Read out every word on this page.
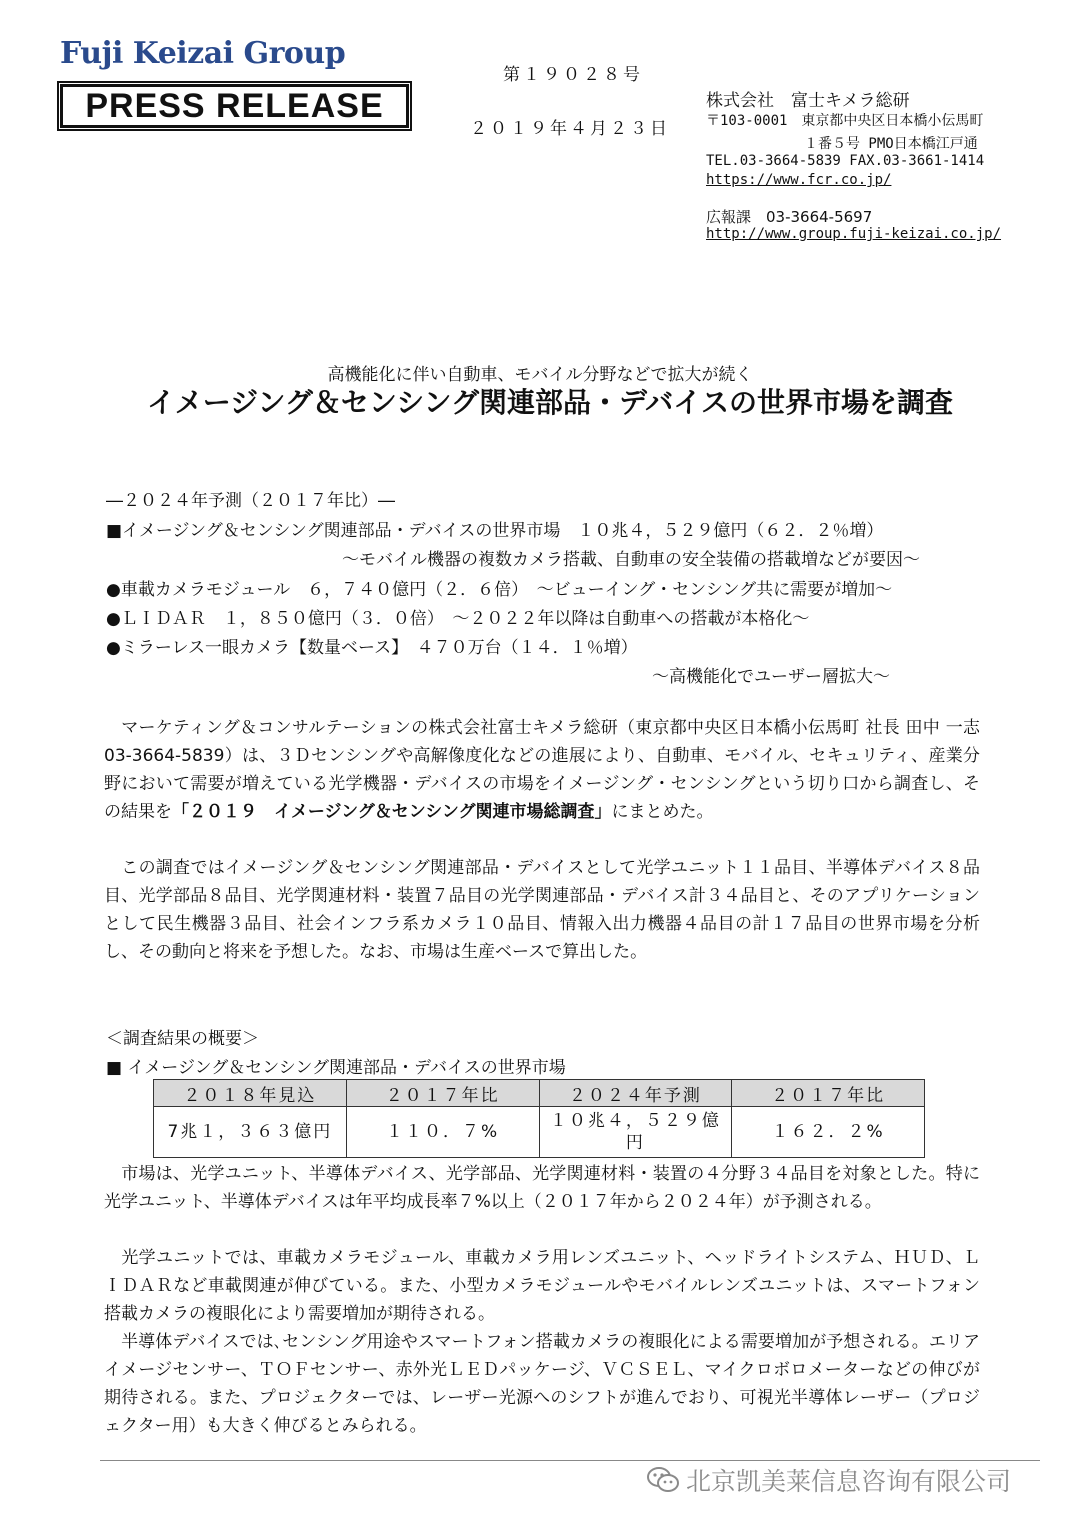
Fuji Keizai Group
PRESS RELEASE
第１９０２８号
２０１９年４月２３日
株式会社　富士キメラ総研
〒103-0001　東京都中央区日本橋小伝馬町
１番５号 PMO日本橋江戸通
TEL.03-3664-5839 FAX.03-3661-1414
https://www.fcr.co.jp/
広報課　03-3664-5697
http://www.group.fuji-keizai.co.jp/
高機能化に伴い自動車、モバイル分野などで拡大が続く
イメージング＆センシング関連部品・デバイスの世界市場を調査
―２０２４年予測（２０１７年比）―
■イメージング＆センシング関連部品・デバイスの世界市場　１０兆４，５２９億円（６２．２％増）
～モバイル機器の複数カメラ搭載、自動車の安全装備の搭載増などが要因～
●車載カメラモジュール　６，７４０億円（２．６倍）　～ビューイング・センシング共に需要が増加～
●ＬＩＤＡＲ　１，８５０億円（３．０倍）　～２０２２年以降は自動車への搭載が本格化～
●ミラーレス一眼カメラ【数量ベース】　４７０万台（１４．１％増）
～高機能化でユーザー層拡大～

　マーケティング＆コンサルテーションの株式会社富士キメラ総研（東京都中央区日本橋小伝馬町 社長 田中 一志 03-3664-5839）は、３Ｄセンシングや高解像度化などの進展により、自動車、モバイル、セキュリティ、産業分野において需要が増えている光学機器・デバイスの市場をイメージング・センシングという切り口から調査し、その結果を「２０１９　イメージング＆センシング関連市場総調査」にまとめた。

　この調査ではイメージング＆センシング関連部品・デバイスとして光学ユニット１１品目、半導体デバイス８品目、光学部品８品目、光学関連材料・装置７品目の光学関連部品・デバイス計３４品目と、そのアプリケーションとして民生機器３品目、社会インフラ系カメラ１０品目、情報入出力機器４品目の計１７品目の世界市場を分析し、その動向と将来を予想した。なお、市場は生産ベースで算出した。

＜調査結果の概要＞
■ イメージング＆センシング関連部品・デバイスの世界市場
２０１８年見込	２０１７年比	２０２４年予測	２０１７年比
7兆１，３６３億円	１１０．７%	１０兆４，５２９億円	１６２．２%

　市場は、光学ユニット、半導体デバイス、光学部品、光学関連材料・装置の４分野３４品目を対象とした。特に光学ユニット、半導体デバイスは年平均成長率７%以上（２０１７年から２０２４年）が予測される。

　光学ユニットでは、車載カメラモジュール、車載カメラ用レンズユニット、ヘッドライトシステム、ＨＵＤ、ＬＩＤＡＲなど車載関連が伸びている。また、小型カメラモジュールやモバイルレンズユニットは、スマートフォン搭載カメラの複眼化により需要増加が期待される。

　半導体デバイスでは､センシング用途やスマートフォン搭載カメラの複眼化による需要増加が予想される。エリアイメージセンサー、ＴＯＦセンサー、赤外光ＬＥＤパッケージ、ＶＣＳＥＬ、マイクロボロメーターなどの伸びが期待される。また、プロジェクターでは、レーザー光源へのシフトが進んでおり、可視光半導体レーザー（プロジェクター用）も大きく伸びるとみられる。

北京凯美莱信息咨询有限公司
